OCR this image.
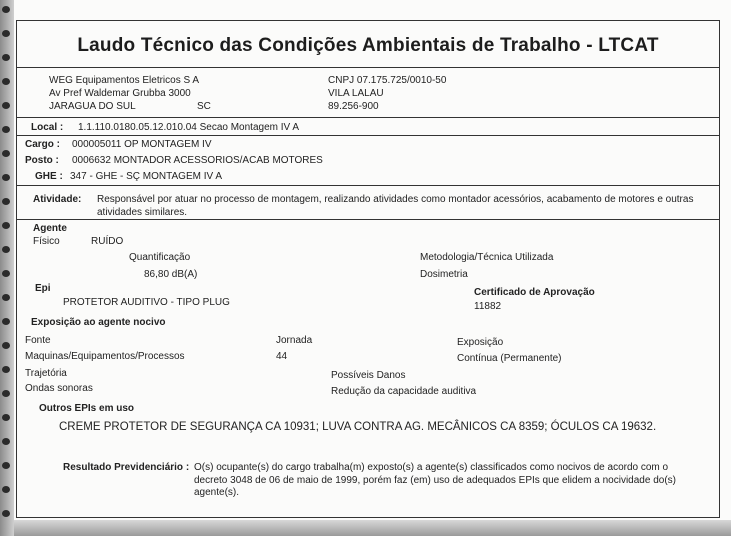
Laudo Técnico das Condições Ambientais de Trabalho - LTCAT
WEG Equipamentos Eletricos S A
Av Pref Waldemar Grubba 3000
JARAGUA DO SUL	SC
CNPJ 07.175.725/0010-50
VILA LALAU
89.256-900
Local : 1.1.110.0180.05.12.010.04 Secao Montagem IV A
Cargo : 000005011 OP MONTAGEM IV
Posto : 0006632 MONTADOR ACESSORIOS/ACAB MOTORES
GHE : 347 - GHE - SÇ MONTAGEM IV A
Atividade: Responsável por atuar no processo de montagem, realizando atividades como montador acessórios, acabamento de motores e outras atividades similares.
Agente
Físico	RUÍDO
Quantificação
86,80 dB(A)
Metodologia/Técnica Utilizada
Dosimetria
Epi
PROTETOR AUDITIVO - TIPO PLUG
Certificado de Aprovação
11882
Exposição ao agente nocivo
Fonte
Maquinas/Equipamentos/Processos
Jornada
44
Exposição
Contínua (Permanente)
Trajetória
Ondas sonoras
Possíveis Danos
Redução da capacidade auditiva
Outros EPIs em uso
CREME PROTETOR DE SEGURANÇA CA 10931; LUVA CONTRA AG. MECÂNICOS CA 8359; ÓCULOS CA 19632.
Resultado Previdenciário : O(s) ocupante(s) do cargo trabalha(m) exposto(s) a agente(s) classificados como nocivos de acordo com o decreto 3048 de 06 de maio de 1999, porém faz (em) uso de adequados EPIs que elidem a nocividade do(s) agente(s).
